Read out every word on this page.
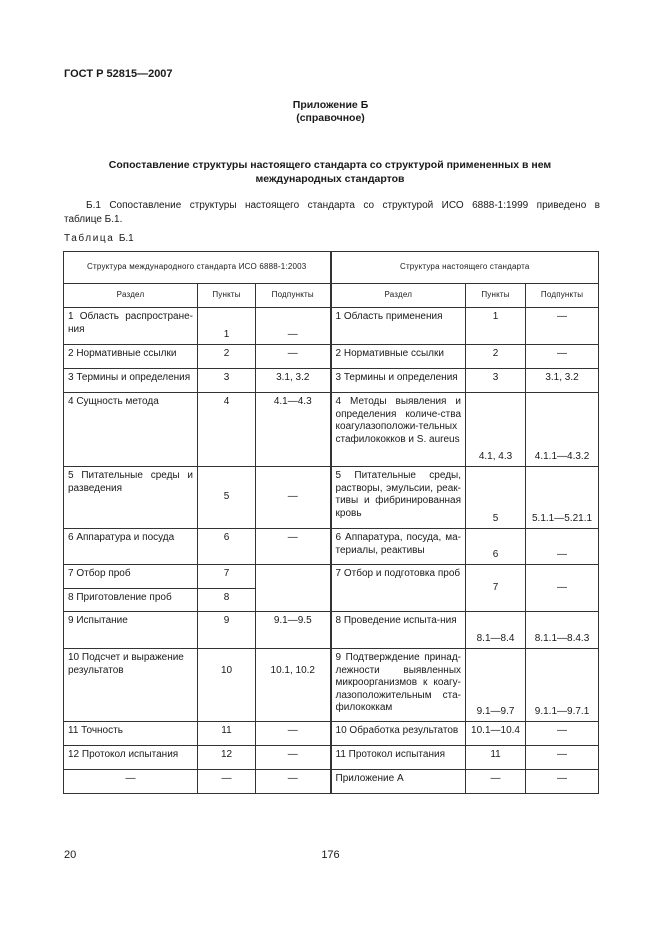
ГОСТ Р 52815—2007
Приложение Б
(справочное)
Сопоставление структуры настоящего стандарта со структурой примененных в нем
международных стандартов
Б.1 Сопоставление структуры настоящего стандарта со структурой ИСО 6888-1:1999 приведено в
таблице Б.1.
Таблица Б.1
Структура международного стандарта ИСО 6888-1:2003			Структура настоящего стандарта		
Раздел	Пункты	Подпункты	Раздел	Пункты	Подпункты
1 Область распростране-ния	1	—	1 Область применения	1	—
2 Нормативные ссылки	2	—	2 Нормативные ссылки	2	—
3 Термины и определения	3	3.1, 3.2	3 Термины и определения	3	3.1, 3.2
4 Сущность метода	4	4.1—4.3	4 Методы выявления и определения количе-ства коагулазоположи-тельных стафилококков и S. aureus	4.1, 4.3	4.1.1—4.3.2
5 Питательные среды и разведения	5	—	5 Питательные среды, растворы, эмульсии, реак-тивы и фибринированная кровь	5	5.1.1—5.21.1
6 Аппаратура и посуда	6	—	6 Аппаратура, посуда, ма-териалы, реактивы	6	—
7 Отбор проб	7		7 Отбор и подготовка проб	7	—
8 Приготовление проб	8				
9 Испытание	9	9.1—9.5	8 Проведение испыта-ния	8.1—8.4	8.1.1—8.4.3
10 Подсчет и выражение результатов	10	10.1, 10.2	9 Подтверждение принад-лежности выявленных микроорганизмов к коагу-лазоположительным ста-филококкам	9.1—9.7	9.1.1—9.7.1
11 Точность	11	—	10 Обработка результатов	10.1—10.4	—
12 Протокол испытания	12	—	11 Протокол испытания	11	—
—	—	—	Приложение А	—	—
20	176
